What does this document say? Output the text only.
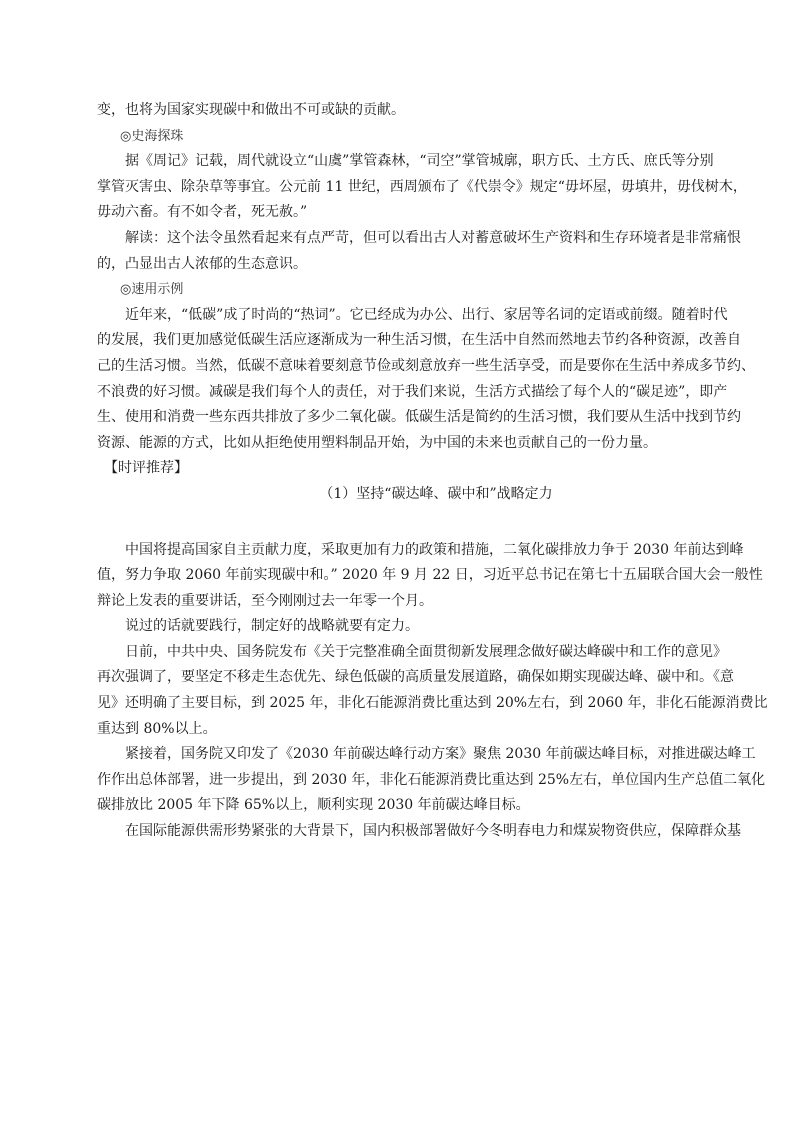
变，也将为国家实现碳中和做出不可或缺的贡献。

◎史海探珠

据《周记》记载，周代就设立“山虞”掌管森林，“司空”掌管城廓，职方氏、土方氏、庶氏等分别

掌管灭害虫、除杂草等事宜。公元前 11 世纪，西周颁布了《代崇令》规定“毋坏屋，毋填井，毋伐树木，

毋动六畜。有不如令者，死无赦。”

解读：这个法令虽然看起来有点严苛，但可以看出古人对蓄意破坏生产资料和生存环境者是非常痛恨

的，凸显出古人浓郁的生态意识。

◎速用示例

近年来，“低碳”成了时尚的“热词”。它已经成为办公、出行、家居等名词的定语或前缀。随着时代

的发展，我们更加感觉低碳生活应逐渐成为一种生活习惯，在生活中自然而然地去节约各种资源，改善自

己的生活习惯。当然，低碳不意味着要刻意节俭或刻意放弃一些生活享受，而是要你在生活中养成多节约、

不浪费的好习惯。减碳是我们每个人的责任，对于我们来说，生活方式描绘了每个人的“碳足迹”，即产

生、使用和消费一些东西共排放了多少二氧化碳。低碳生活是简约的生活习惯，我们要从生活中找到节约

资源、能源的方式，比如从拒绝使用塑料制品开始，为中国的未来也贡献自己的一份力量。

【时评推荐】

（1）坚持“碳达峰、碳中和”战略定力

中国将提高国家自主贡献力度，采取更加有力的政策和措施，二氧化碳排放力争于 2030 年前达到峰

值，努力争取 2060 年前实现碳中和。” 2020 年 9 月 22 日，习近平总书记在第七十五届联合国大会一般性

辩论上发表的重要讲话，至今刚刚过去一年零一个月。

说过的话就要践行，制定好的战略就要有定力。

日前，中共中央、国务院发布《关于完整准确全面贯彻新发展理念做好碳达峰碳中和工作的意见》

再次强调了，要坚定不移走生态优先、绿色低碳的高质量发展道路，确保如期实现碳达峰、碳中和。《意

见》还明确了主要目标，到 2025 年，非化石能源消费比重达到 20%左右，到 2060 年，非化石能源消费比

重达到 80%以上。

紧接着，国务院又印发了《2030 年前碳达峰行动方案》聚焦 2030 年前碳达峰目标，对推进碳达峰工

作作出总体部署，进一步提出，到 2030 年，非化石能源消费比重达到 25%左右，单位国内生产总值二氧化

碳排放比 2005 年下降 65%以上，顺利实现 2030 年前碳达峰目标。

在国际能源供需形势紧张的大背景下，国内积极部署做好今冬明春电力和煤炭物资供应，保障群众基
